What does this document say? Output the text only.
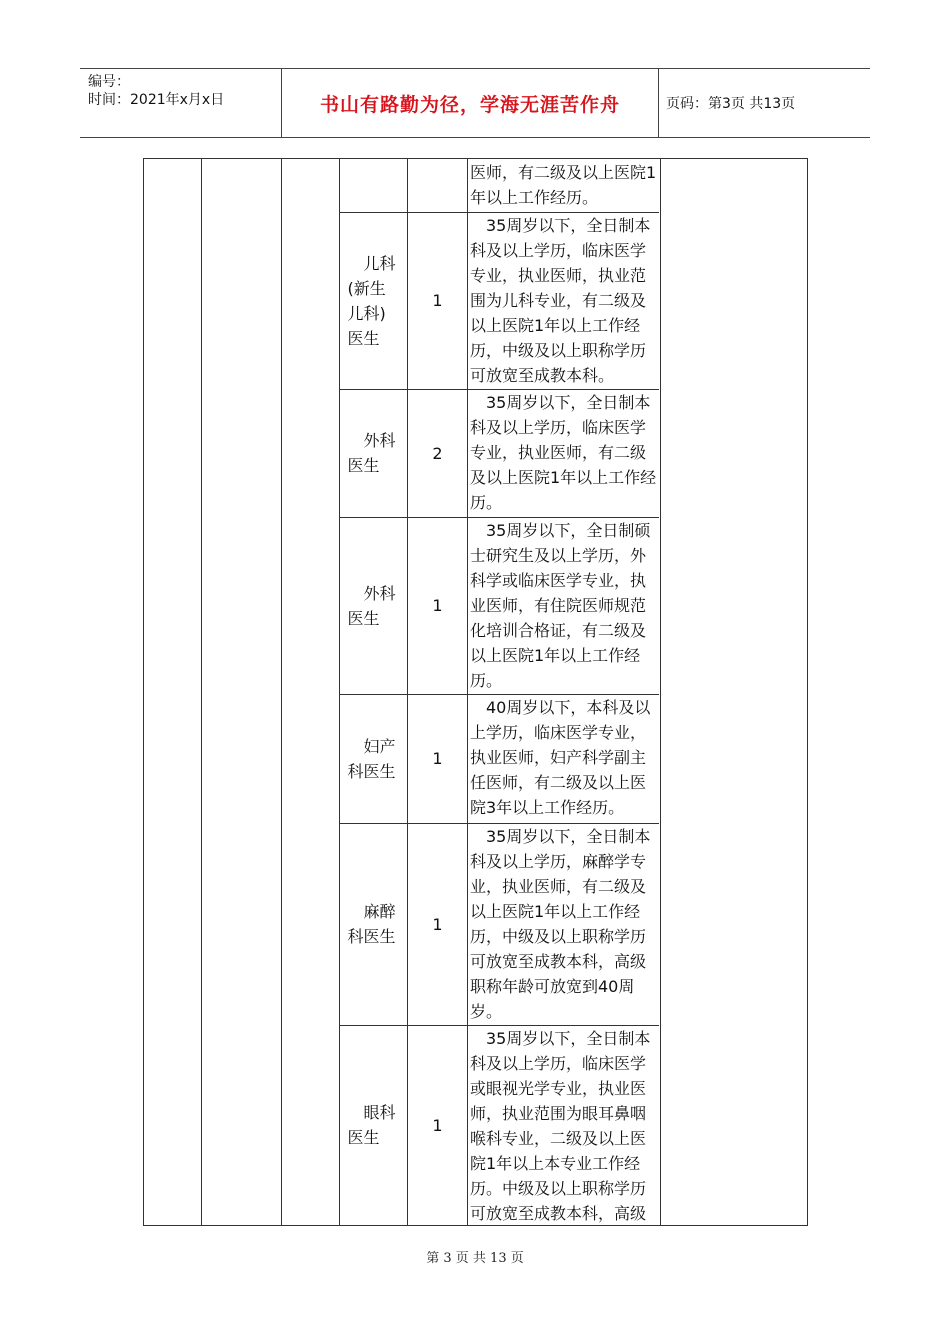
编号：
时间：2021年x月x日	书山有路勤为径，学海无涯苦作舟	页码：第3页 共13页
医师，有二级及以上医院1年以上工作经历。
儿科(新生儿科)医生
1
35周岁以下，全日制本科及以上学历，临床医学专业，执业医师，执业范围为儿科专业，有二级及以上医院1年以上工作经历，中级及以上职称学历可放宽至成教本科。
外科医生
2
35周岁以下，全日制本科及以上学历，临床医学专业，执业医师，有二级及以上医院1年以上工作经历。
外科医生
1
35周岁以下，全日制硕士研究生及以上学历，外科学或临床医学专业，执业医师，有住院医师规范化培训合格证，有二级及以上医院1年以上工作经历。
妇产科医生
1
40周岁以下，本科及以上学历，临床医学专业，执业医师，妇产科学副主任医师，有二级及以上医院3年以上工作经历。
麻醉科医生
1
35周岁以下，全日制本科及以上学历，麻醉学专业，执业医师，有二级及以上医院1年以上工作经历，中级及以上职称学历可放宽至成教本科，高级职称年龄可放宽到40周岁。
眼科医生
1
35周岁以下，全日制本科及以上学历，临床医学或眼视光学专业，执业医师，执业范围为眼耳鼻咽喉科专业，二级及以上医院1年以上本专业工作经历。中级及以上职称学历可放宽至成教本科，高级
第 3 页 共 13 页
